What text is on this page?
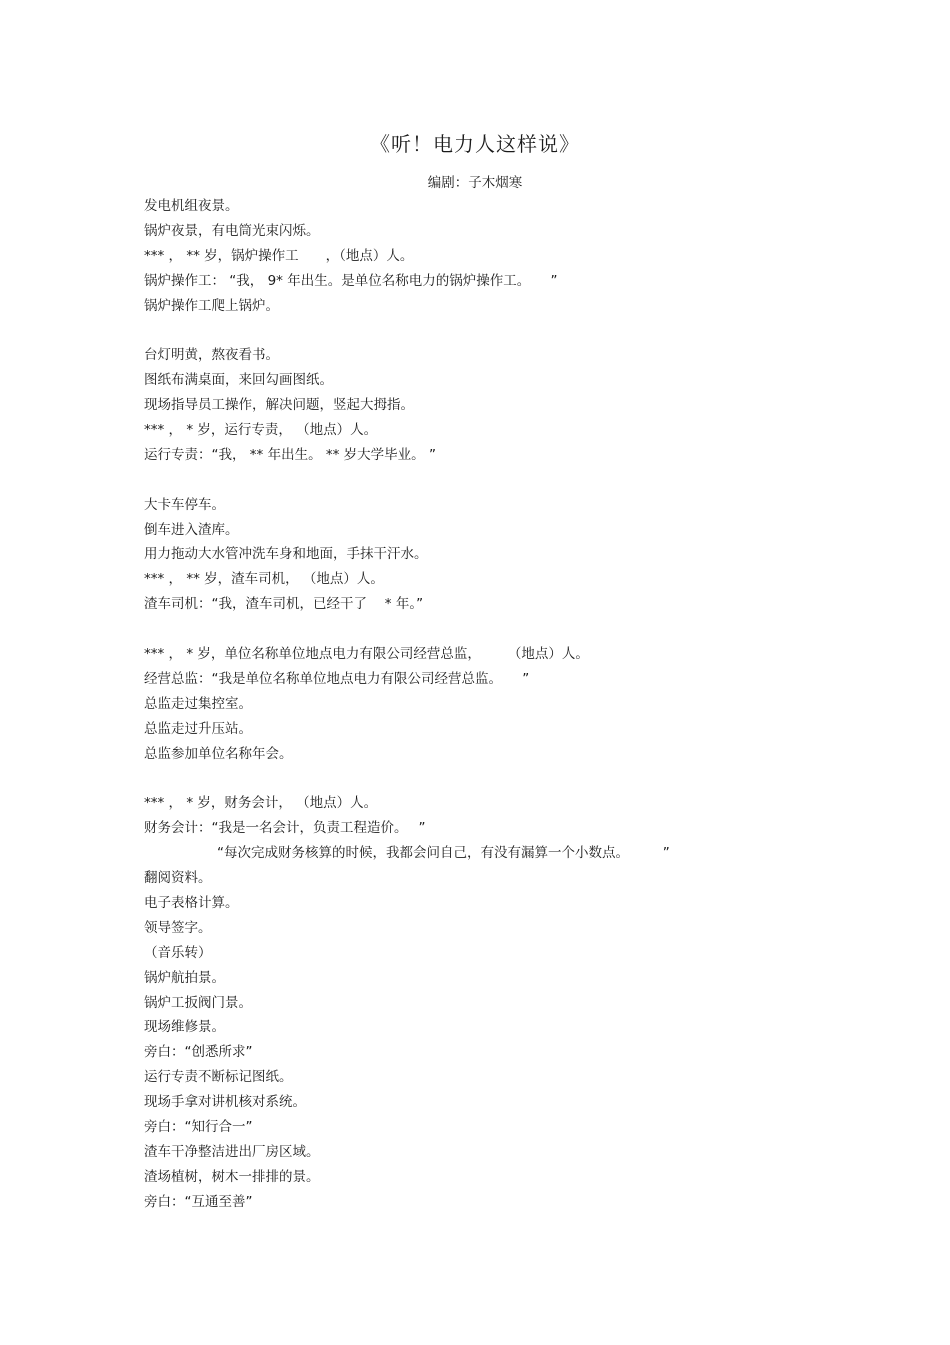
《听！电力人这样说》
编剧：子木烟寒
发电机组夜景。
锅炉夜景，有电筒光束闪烁。
*** ， ** 岁，锅炉操作工　　，（地点）人。
锅炉操作工： “我， 9* 年出生。是单位名称电力的锅炉操作工。　　”
锅炉操作工爬上锅炉。
台灯明黄，熬夜看书。
图纸布满桌面，来回勾画图纸。
现场指导员工操作，解决问题，竖起大拇指。
*** ， * 岁，运行专责， （地点）人。
运行专责：“我， ** 年出生。 ** 岁大学毕业。 ”
大卡车停车。
倒车进入渣库。
用力拖动大水管冲洗车身和地面，手抹干汗水。
*** ， ** 岁，渣车司机， （地点）人。
渣车司机：“我，渣车司机，已经干了　 * 年。”
*** ， * 岁，单位名称单位地点电力有限公司经营总监，　　　（地点）人。
经营总监：“我是单位名称单位地点电力有限公司经营总监。　　”
总监走过集控室。
总监走过升压站。
总监参加单位名称年会。
*** ， * 岁，财务会计， （地点）人。
财务会计：“我是一名会计，负责工程造价。　 ”
“每次完成财务核算的时候，我都会问自己，有没有漏算一个小数点。　　　”
翻阅资料。
电子表格计算。
领导签字。
（音乐转）
锅炉航拍景。
锅炉工扳阀门景。
现场维修景。
旁白：“创悉所求”
运行专责不断标记图纸。
现场手拿对讲机核对系统。
旁白：“知行合一”
渣车干净整洁进出厂房区域。
渣场植树，树木一排排的景。
旁白：“互通至善”
